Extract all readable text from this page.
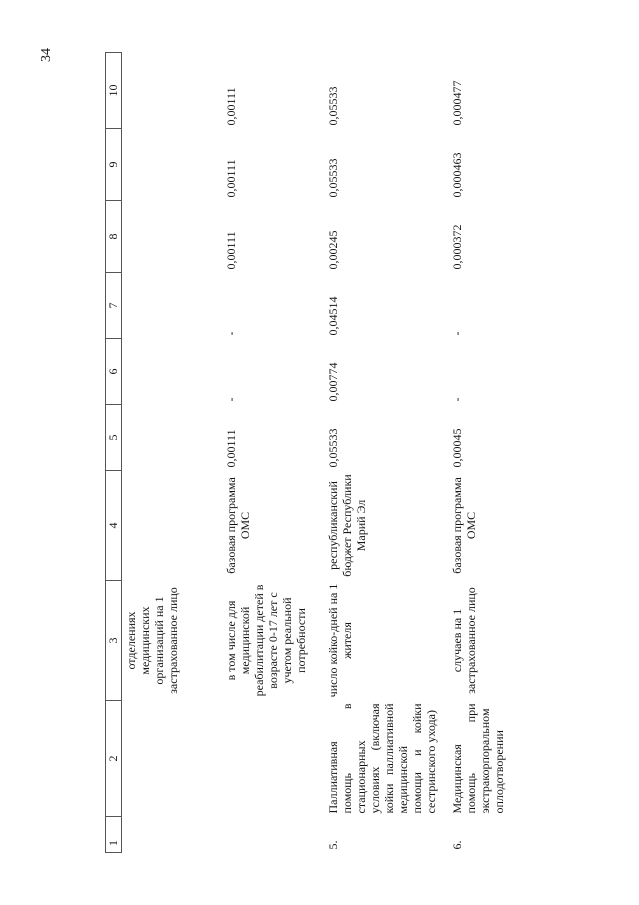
34
1	2	3	4	5	6	7	8	9	10
		отделениях медицинских организаций на 1 застрахованное лицо							
		в том числе для медицинской реабилитации детей в возрасте 0-17 лет с учетом реальной потребности	базовая программа ОМС	0,00111	-	-	0,00111	0,00111	0,00111
5.	Паллиативная помощь в стационарных условиях (включая койки паллиативной медицинской помощи и койки сестринского ухода)	число койко-дней на 1 жителя	республиканский бюджет Республики Марий Эл	0,05533	0,00774	0,04514	0,00245	0,05533	0,05533
6.	Медицинская помощь при экстракорпоральном оплодотворении	случаев на 1 застрахованное лицо	базовая программа ОМС	0,00045	-	-	0,000372	0,000463	0,000477
